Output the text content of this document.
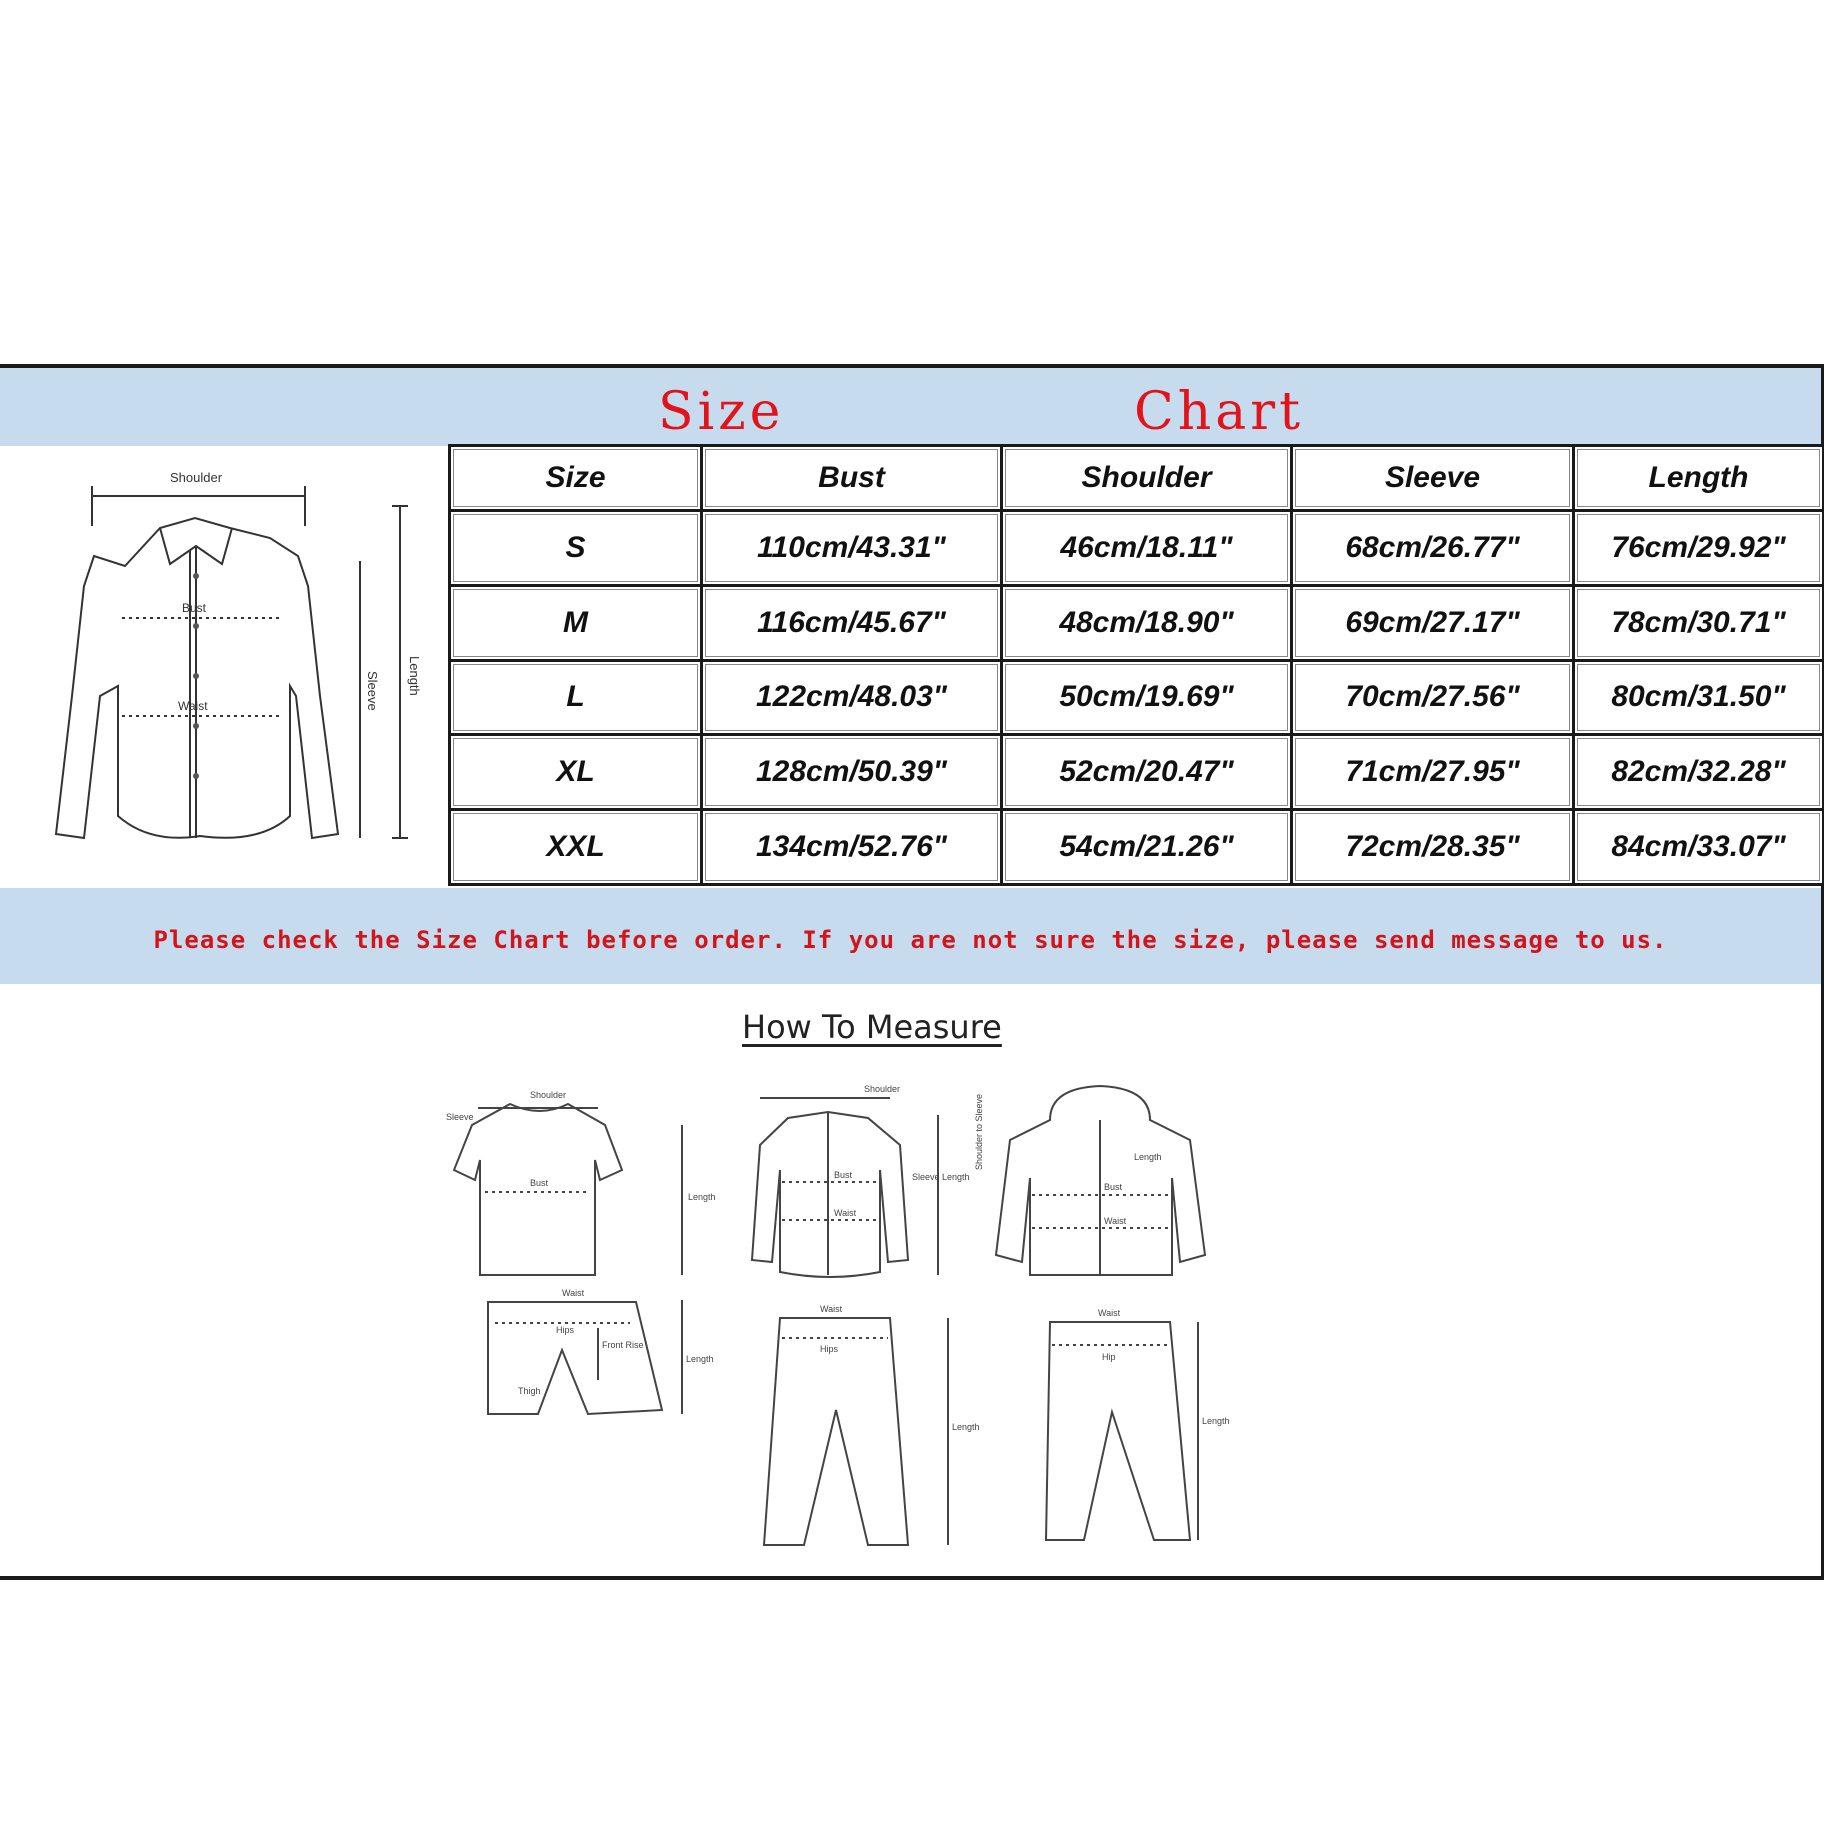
Size	Chart
Shoulder
Bust
Waist	Sleeve Length
Size	Bust	Shoulder	Sleeve	Length
S	110cm/43.31"	46cm/18.11"	68cm/26.77"	76cm/29.92"
M	116cm/45.67"	48cm/18.90"	69cm/27.17"	78cm/30.71"
L	122cm/48.03"	50cm/19.69"	70cm/27.56"	80cm/31.50"
XL	128cm/50.39"	52cm/20.47"	71cm/27.95"	82cm/32.28"
XXL	134cm/52.76"	54cm/21.26"	72cm/28.35"	84cm/33.07"
Please check the Size Chart before order. If you are not sure the size, please send message to us.
How To Measure
Shoulder
Sleeve
Bust
Length
Waist
Hips
Front Rise
Thigh
Length
Shoulder
Bust
Waist
Sleeve Length
Waist
Hips
Length
Shoulder to Sleeve
Bust
Waist
Length
Waist
Hip
Length
